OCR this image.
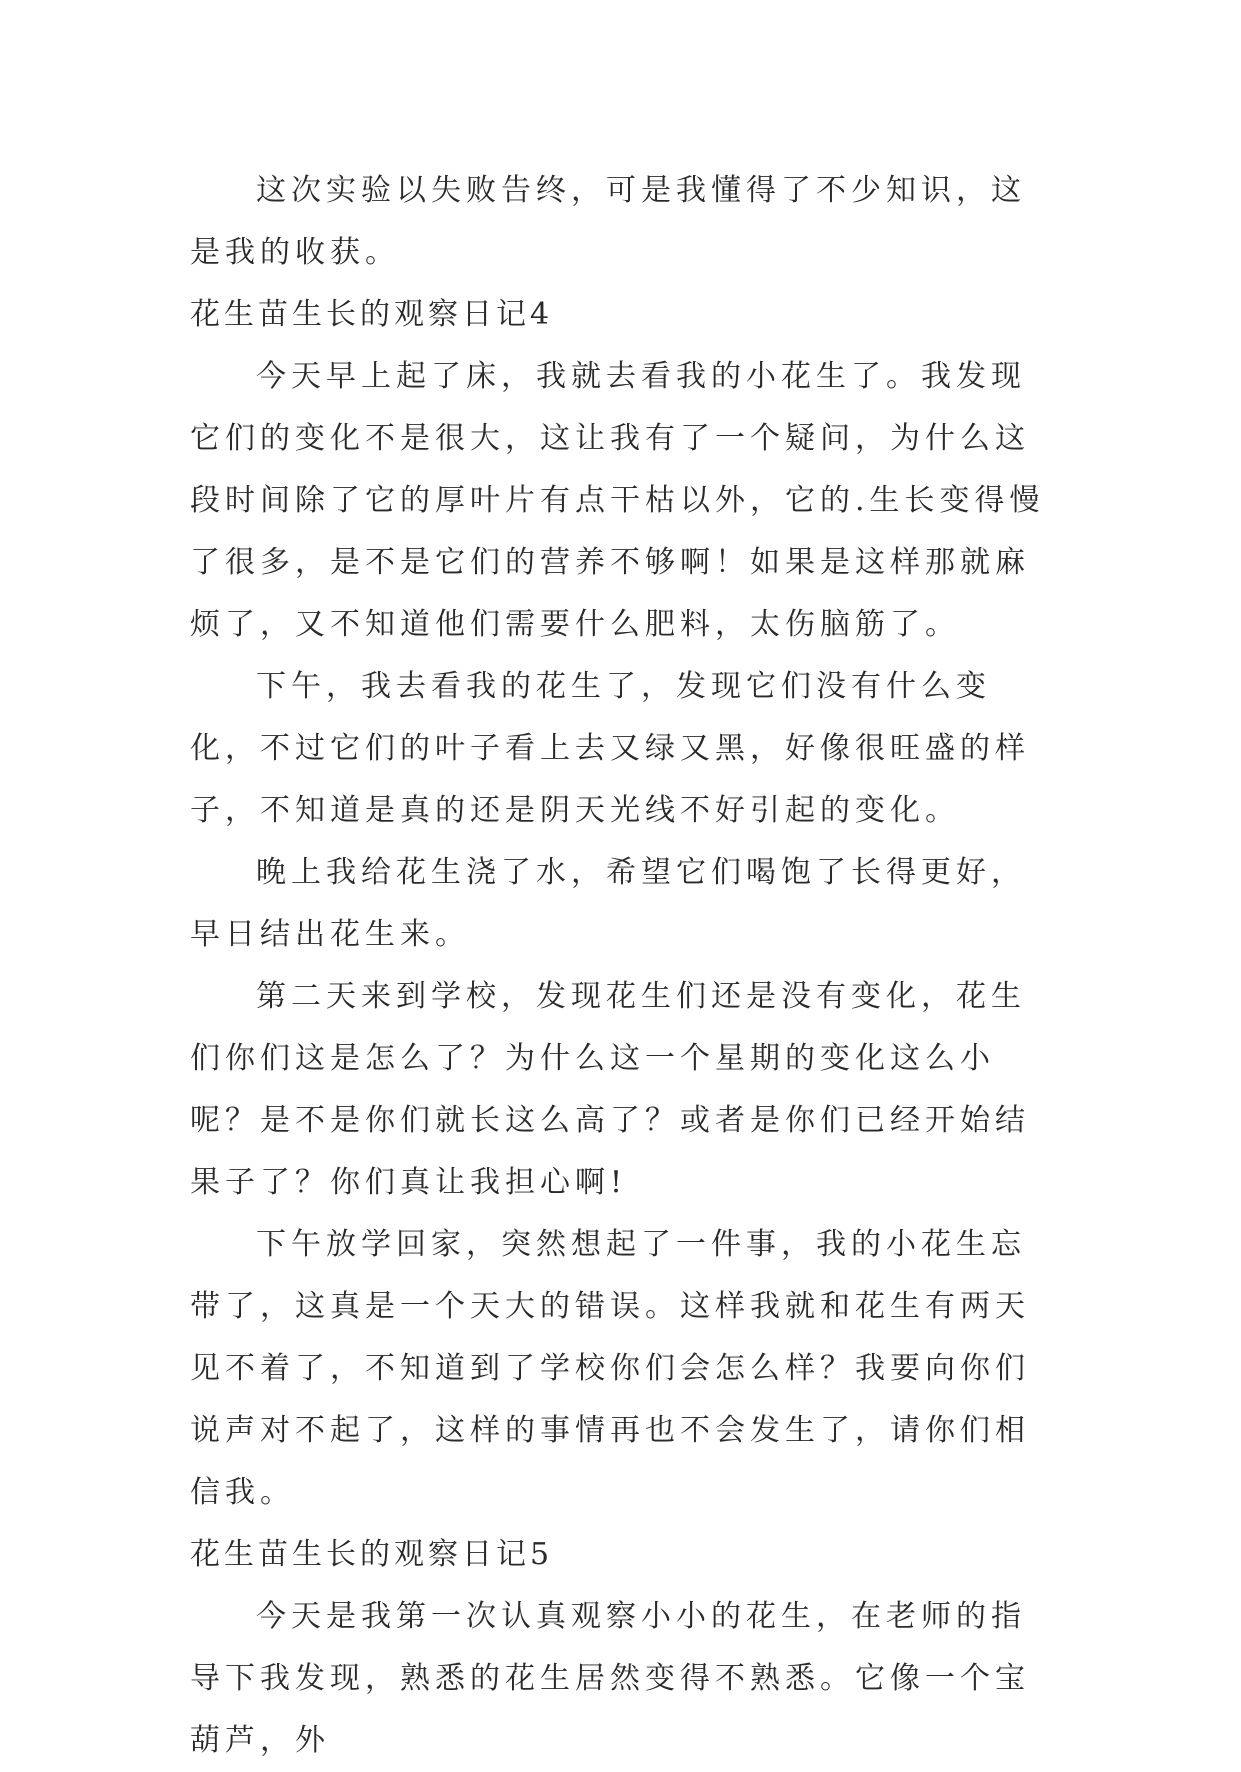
这次实验以失败告终，可是我懂得了不少知识，这是我的收获。

花生苗生长的观察日记4

今天早上起了床，我就去看我的小花生了。我发现它们的变化不是很大，这让我有了一个疑问，为什么这段时间除了它的厚叶片有点干枯以外，它的.生长变得慢了很多，是不是它们的营养不够啊！如果是这样那就麻烦了，又不知道他们需要什么肥料，太伤脑筋了。

下午，我去看我的花生了，发现它们没有什么变化，不过它们的叶子看上去又绿又黑，好像很旺盛的样子，不知道是真的还是阴天光线不好引起的变化。

晚上我给花生浇了水，希望它们喝饱了长得更好，早日结出花生来。

第二天来到学校，发现花生们还是没有变化，花生们你们这是怎么了？为什么这一个星期的变化这么小呢？是不是你们就长这么高了？或者是你们已经开始结果子了？你们真让我担心啊!

下午放学回家，突然想起了一件事，我的小花生忘带了，这真是一个天大的错误。这样我就和花生有两天见不着了，不知道到了学校你们会怎么样？我要向你们说声对不起了，这样的事情再也不会发生了，请你们相信我。

花生苗生长的观察日记5

今天是我第一次认真观察小小的花生，在老师的指导下我发现，熟悉的花生居然变得不熟悉。它像一个宝葫芦，外
